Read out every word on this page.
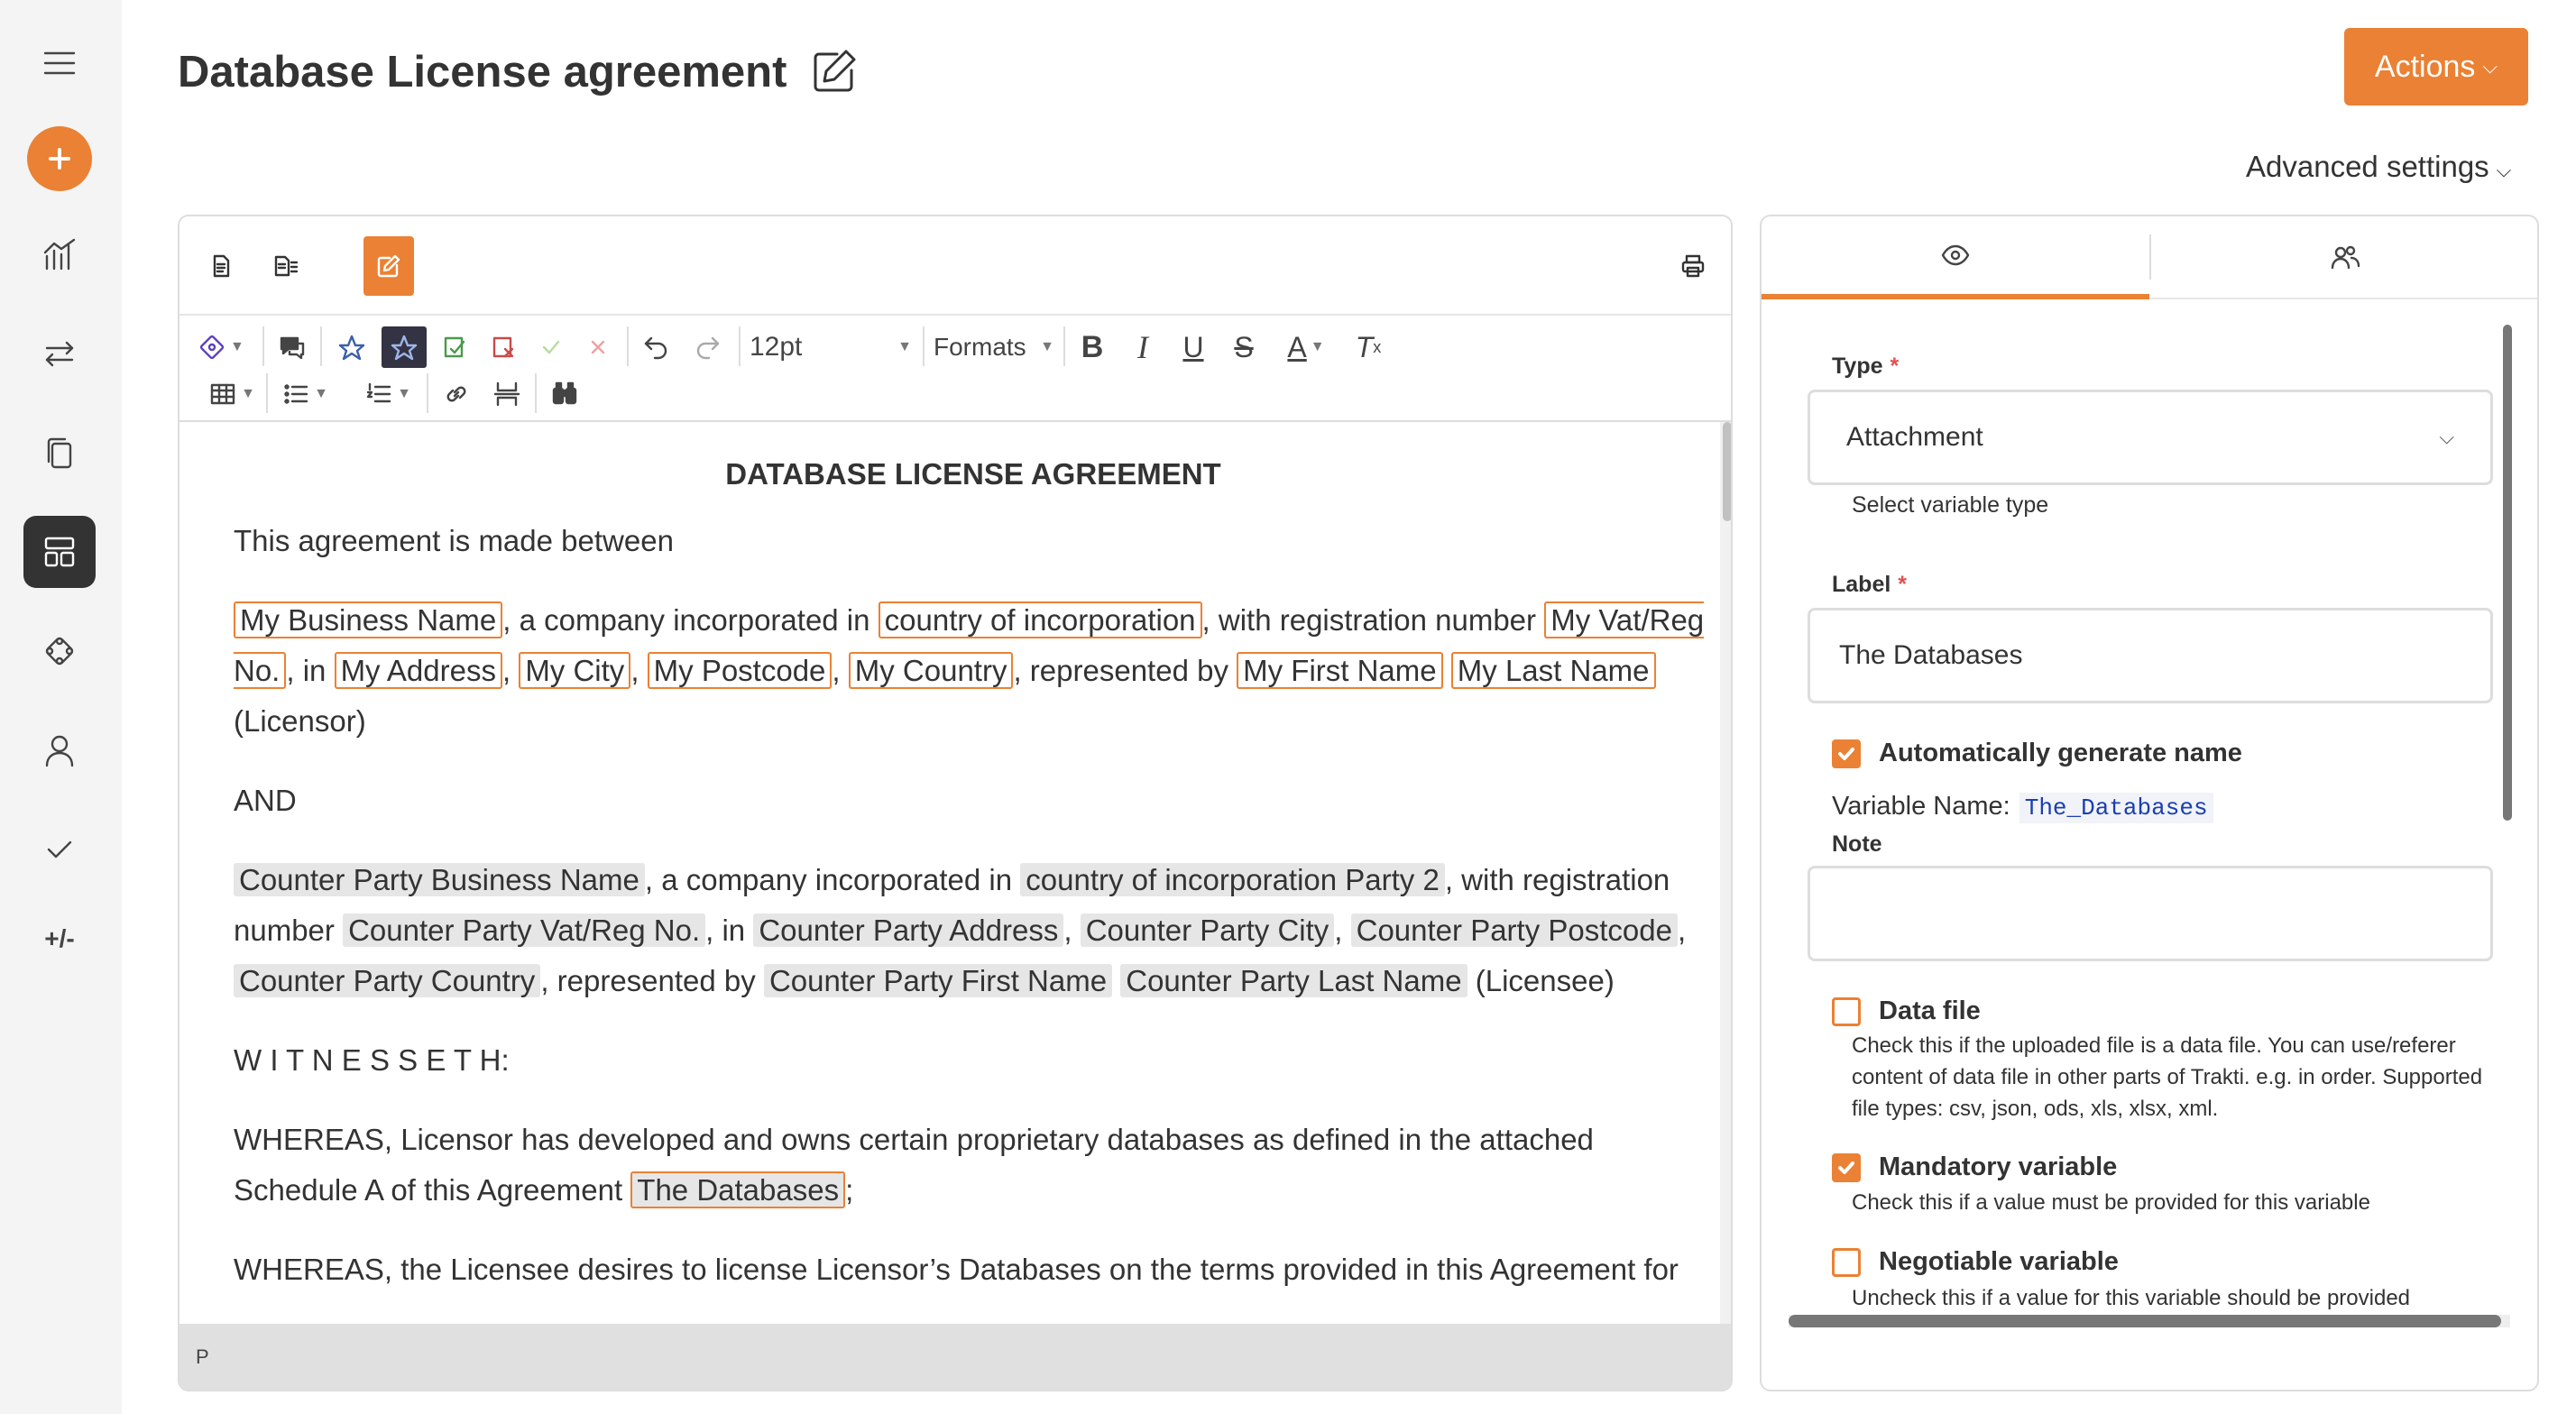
+/-
Database License agreement	Actions ⌵
Advanced settings ⌵
▼	12pt	▼ Formats ▼ B	I	U	S	A ▼ T x
▼	▼	▼

DATABASE LICENSE AGREEMENT

This agreement is made between

My Business Name , a company incorporated in country of incorporation , with registration number My Vat/Reg No. , in My Address , My City , My Postcode , My Country , represented by My First Name My Last Name (Licensor)

AND

Counter Party Business Name , a company incorporated in country of incorporation Party 2 , with registration number Counter Party Vat/Reg No. , in Counter Party Address , Counter Party City , Counter Party Postcode , Counter Party Country , represented by Counter Party First Name Counter Party Last Name (Licensee)

W I T N E S S E T H:

WHEREAS, Licensor has developed and owns certain proprietary databases as defined in the attached Schedule A of this Agreement The Databases ;

WHEREAS, the Licensee desires to license Licensor’s Databases on the terms provided in this Agreement for

P
Type *
Attachment	⌵
Select variable type
Label *
The Databases
Automatically generate name
Variable Name: The_Databases
Note
Data file
Check this if the uploaded file is a data file. You can use/referer content of data file in other parts of Trakti. e.g. in order. Supported file types: csv, json, ods, xls, xlsx, xml.
Mandatory variable
Check this if a value must be provided for this variable
Negotiable variable
Uncheck this if a value for this variable should be provided
